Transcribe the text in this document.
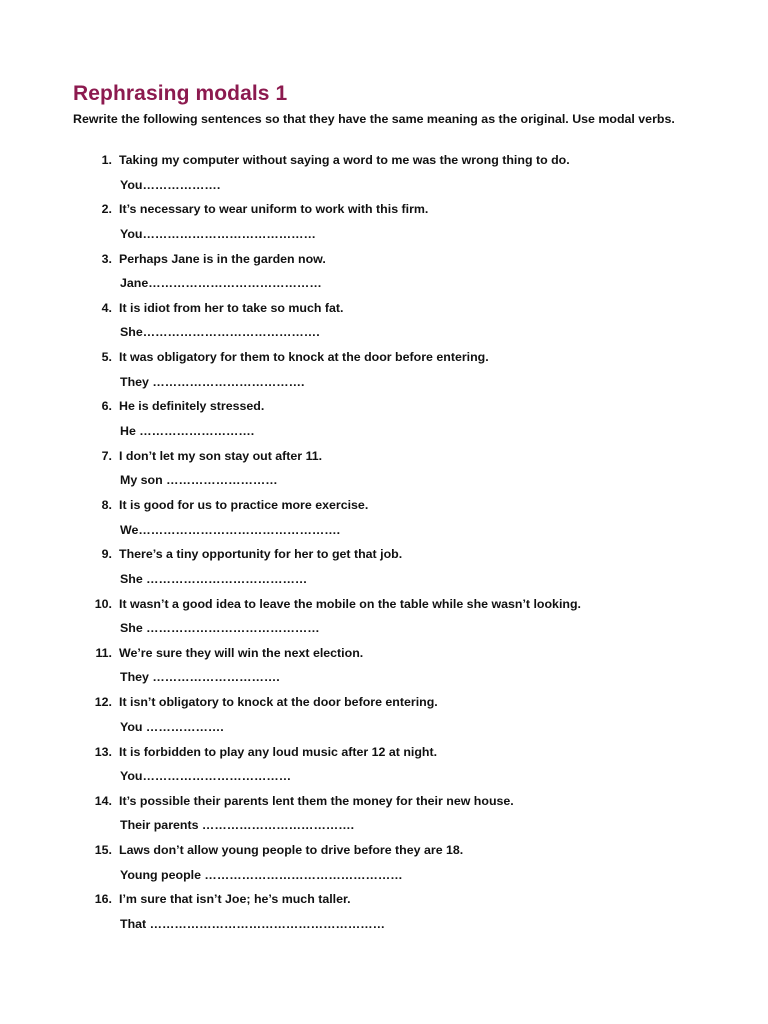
Rephrasing modals 1

Rewrite the following sentences so that they have the same meaning as the original. Use modal verbs.

1. Taking my computer without saying a word to me was the wrong thing to do.
You……………….
2. It’s necessary to wear uniform to work with this firm.
You……………………………………
3. Perhaps Jane is in the garden now.
Jane……………………………………
4. It is idiot from her to take so much fat.
She…………………………………….
5. It was obligatory for them to knock at the door before entering.
They ……………………………….
6. He is definitely stressed.
He ……………………….
7. I don’t let my son stay out after 11.
My son ………………………
8. It is good for us to practice more exercise.
We………………………………………….
9. There’s a tiny opportunity for her to get that job.
She …………………………………
10. It wasn’t a good idea to leave the mobile on the table while she wasn’t looking.
She ……………………………………
11. We’re sure they will win the next election.
They ………………………….
12. It isn’t obligatory to knock at the door before entering.
You ……………….
13. It is forbidden to play any loud music after 12 at night.
You………………………………
14. It’s possible their parents lent them the money for their new house.
Their parents ……………………………….
15. Laws don’t allow young people to drive before they are 18.
Young people …………………………………………
16. I’m sure that isn’t Joe; he’s much taller.
That …………………………………………………
